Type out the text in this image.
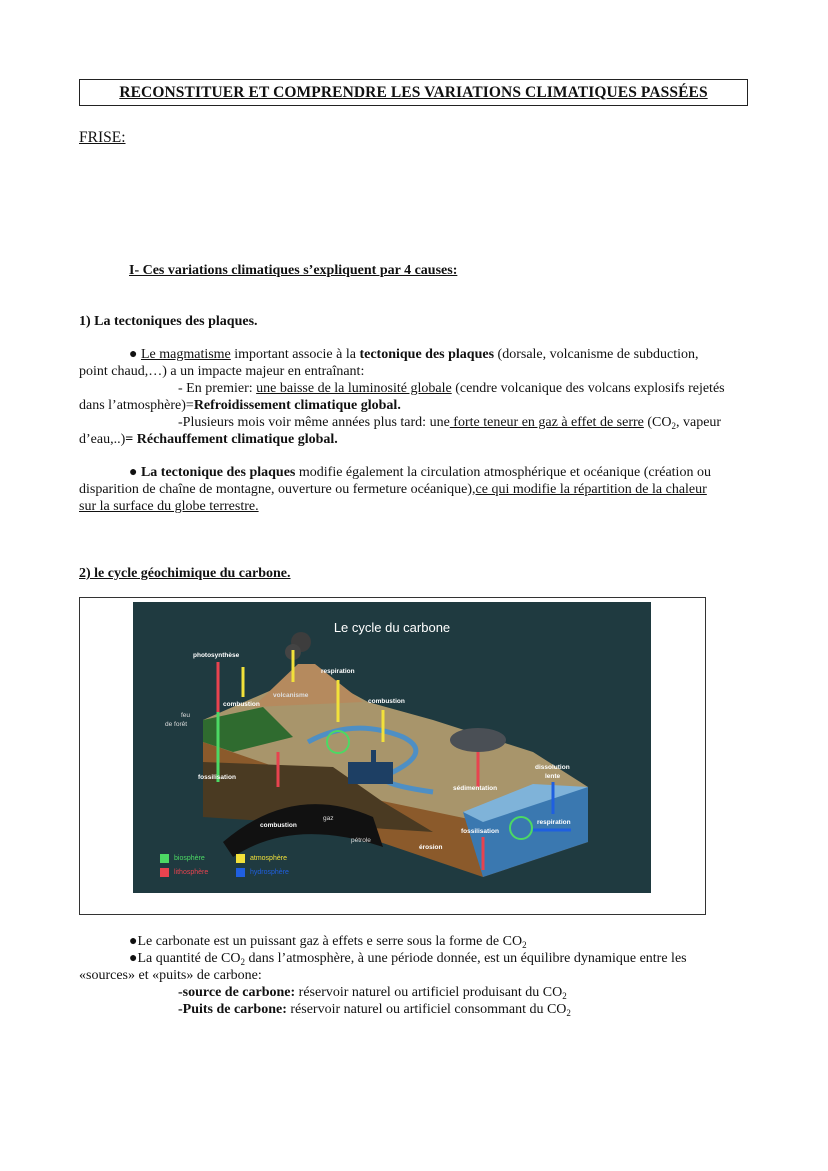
RECONSTITUER ET COMPRENDRE LES VARIATIONS CLIMATIQUES PASSÉES
FRISE:
I- Ces variations climatiques s’expliquent par 4 causes:
1) La tectoniques des plaques.
● Le magmatisme important associe à la tectonique des plaques (dorsale, volcanisme de subduction,
point chaud,…) a un impacte majeur en entraînant:
- En premier: une baisse de la luminosité globale (cendre volcanique des volcans explosifs rejetés
dans l’atmosphère)=Refroidissement climatique global.
-Plusieurs mois voir même années plus tard: une forte teneur en gaz à effet de serre ($CO_2$, vapeur
d’eau,..)= Réchauffement climatique global.
● La tectonique des plaques modifie également la circulation atmosphérique et océanique (création ou
disparition de chaîne de montagne, ouverture ou fermeture océanique),ce qui modifie la répartition de la chaleur
sur la surface du globe terrestre.
2) le cycle géochimique du carbone.
Le cycle du carbone
photosynthèse
combustion
volcanisme
respiration
combustion
feu
de forêt
fossilisation
sédimentation
dissolution
lente
gaz
combustion
pétrole
érosion
fossilisation
respiration
biosphère	atmosphère
lithosphère	hydrosphère
●Le carbonate est un puissant gaz à effets e serre sous la forme de $CO_2$
●La quantité de $CO_2$ dans l’atmosphère, à une période donnée, est un équilibre dynamique entre les
«sources» et «puits» de carbone:
-source de carbone: réservoir naturel ou artificiel produisant du $CO_2$
-Puits de carbone: réservoir naturel ou artificiel consommant du $CO_2$
